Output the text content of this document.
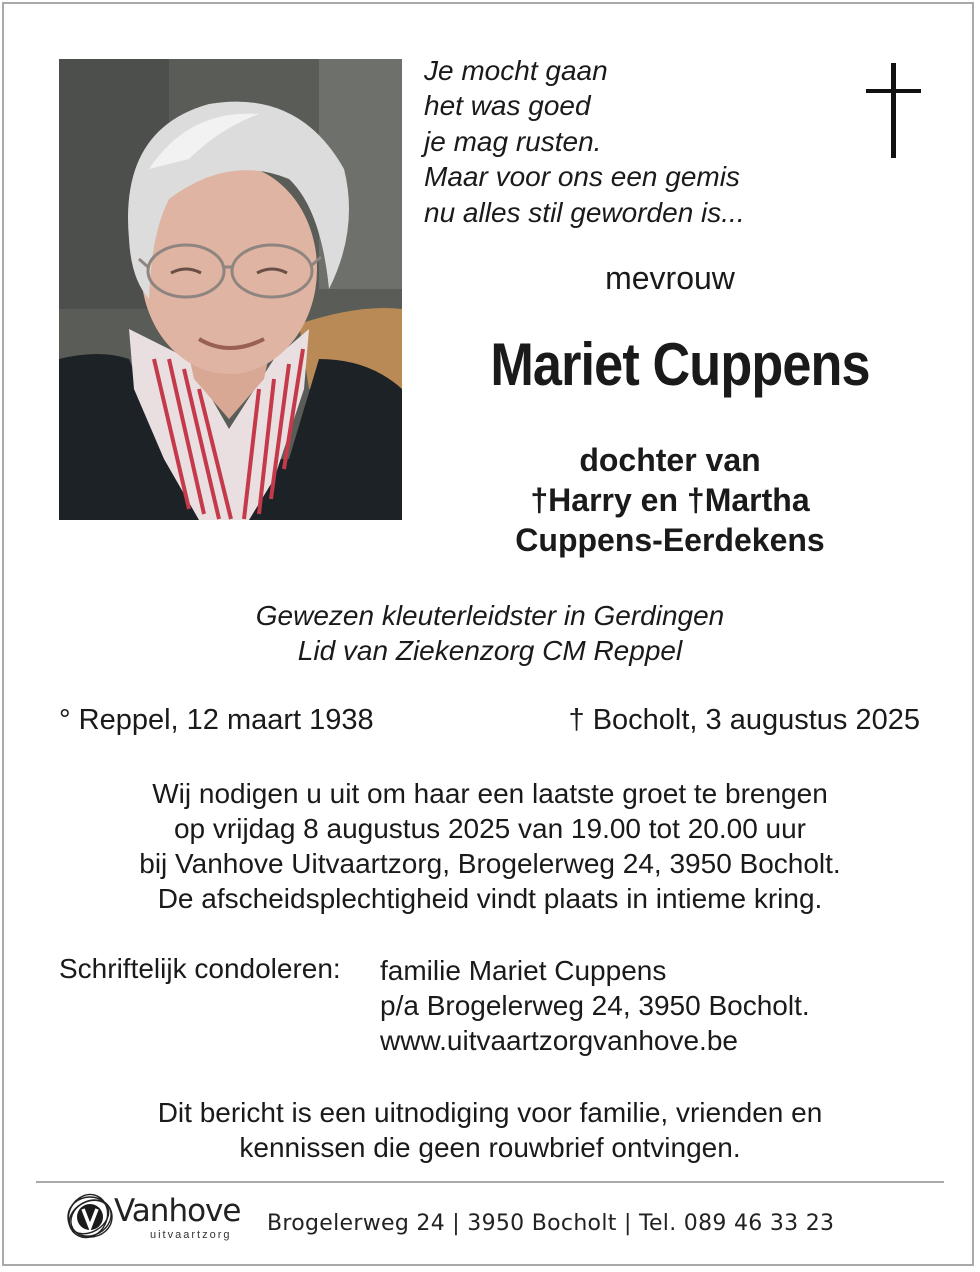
Je mocht gaan
het was goed
je mag rusten.
Maar voor ons een gemis
nu alles stil geworden is...
mevrouw
Mariet Cuppens
dochter van
†Harry en †Martha
Cuppens-Eerdekens
Gewezen kleuterleidster in Gerdingen
Lid van Ziekenzorg CM Reppel
° Reppel, 12 maart 1938	† Bocholt, 3 augustus 2025
Wij nodigen u uit om haar een laatste groet te brengen
op vrijdag 8 augustus 2025 van 19.00 tot 20.00 uur
bij Vanhove Uitvaartzorg, Brogelerweg 24, 3950 Bocholt.
De afscheidsplechtigheid vindt plaats in intieme kring.
Schriftelijk condoleren: familie Mariet Cuppens
p/a Brogelerweg 24, 3950 Bocholt.
www.uitvaartzorgvanhove.be
Dit bericht is een uitnodiging voor familie, vrienden en
kennissen die geen rouwbrief ontvingen.
Vanhove
uitvaartzorg Brogelerweg 24 | 3950 Bocholt | Tel. 089 46 33 23
